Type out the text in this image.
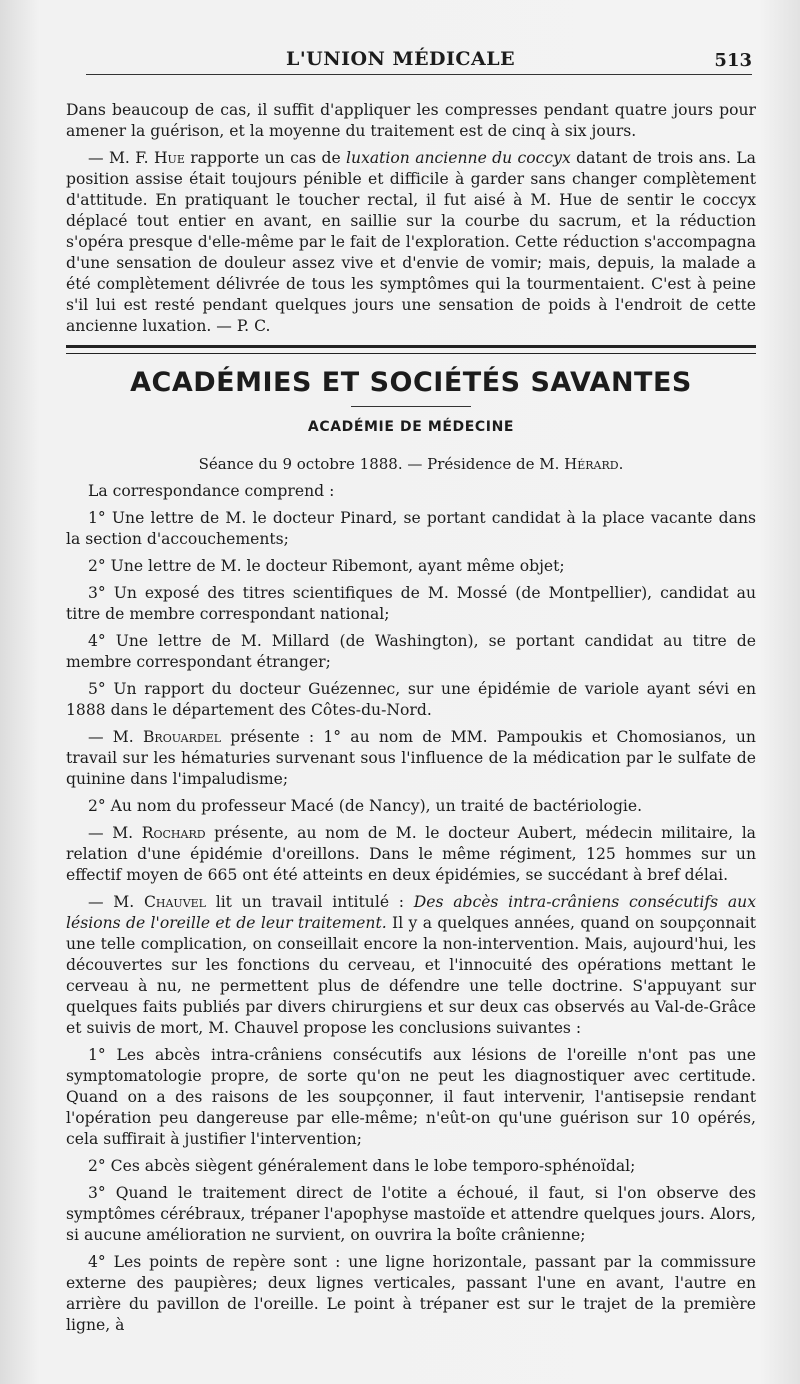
L'UNION MÉDICALE	513

Dans beaucoup de cas, il suffit d'appliquer les compresses pendant quatre jours pour amener la guérison, et la moyenne du traitement est de cinq à six jours.

— M. F. Hue rapporte un cas de luxation ancienne du coccyx datant de trois ans. La position assise était toujours pénible et difficile à garder sans changer complètement d'attitude. En pratiquant le toucher rectal, il fut aisé à M. Hue de sentir le coccyx déplacé tout entier en avant, en saillie sur la courbe du sacrum, et la réduction s'opéra presque d'elle-même par le fait de l'exploration. Cette réduction s'accompagna d'une sensation de douleur assez vive et d'envie de vomir; mais, depuis, la malade a été complètement délivrée de tous les symptômes qui la tourmentaient. C'est à peine s'il lui est resté pendant quelques jours une sensation de poids à l'endroit de cette ancienne luxation. — P. C.

ACADÉMIES ET SOCIÉTÉS SAVANTES
ACADÉMIE DE MÉDECINE
Séance du 9 octobre 1888. — Présidence de M. Hérard.

La correspondance comprend :

1° Une lettre de M. le docteur Pinard, se portant candidat à la place vacante dans la section d'accouchements;

2° Une lettre de M. le docteur Ribemont, ayant même objet;

3° Un exposé des titres scientifiques de M. Mossé (de Montpellier), candidat au titre de membre correspondant national;

4° Une lettre de M. Millard (de Washington), se portant candidat au titre de membre correspondant étranger;

5° Un rapport du docteur Guézennec, sur une épidémie de variole ayant sévi en 1888 dans le département des Côtes-du-Nord.

— M. Brouardel présente : 1° au nom de MM. Pampoukis et Chomosianos, un travail sur les hématuries survenant sous l'influence de la médication par le sulfate de quinine dans l'impaludisme;

2° Au nom du professeur Macé (de Nancy), un traité de bactériologie.

— M. Rochard présente, au nom de M. le docteur Aubert, médecin militaire, la relation d'une épidémie d'oreillons. Dans le même régiment, 125 hommes sur un effectif moyen de 665 ont été atteints en deux épidémies, se succédant à bref délai.

— M. Chauvel lit un travail intitulé : Des abcès intra-crâniens consécutifs aux lésions de l'oreille et de leur traitement. Il y a quelques années, quand on soupçonnait une telle complication, on conseillait encore la non-intervention. Mais, aujourd'hui, les découvertes sur les fonctions du cerveau, et l'innocuité des opérations mettant le cerveau à nu, ne permettent plus de défendre une telle doctrine. S'appuyant sur quelques faits publiés par divers chirurgiens et sur deux cas observés au Val-de-Grâce et suivis de mort, M. Chauvel propose les conclusions suivantes :

1° Les abcès intra-crâniens consécutifs aux lésions de l'oreille n'ont pas une symptomatologie propre, de sorte qu'on ne peut les diagnostiquer avec certitude. Quand on a des raisons de les soupçonner, il faut intervenir, l'antisepsie rendant l'opération peu dangereuse par elle-même; n'eût-on qu'une guérison sur 10 opérés, cela suffirait à justifier l'intervention;

2° Ces abcès siègent généralement dans le lobe temporo-sphénoïdal;

3° Quand le traitement direct de l'otite a échoué, il faut, si l'on observe des symptômes cérébraux, trépaner l'apophyse mastoïde et attendre quelques jours. Alors, si aucune amélioration ne survient, on ouvrira la boîte crânienne;

4° Les points de repère sont : une ligne horizontale, passant par la commissure externe des paupières; deux lignes verticales, passant l'une en avant, l'autre en arrière du pavillon de l'oreille. Le point à trépaner est sur le trajet de la première ligne, à
